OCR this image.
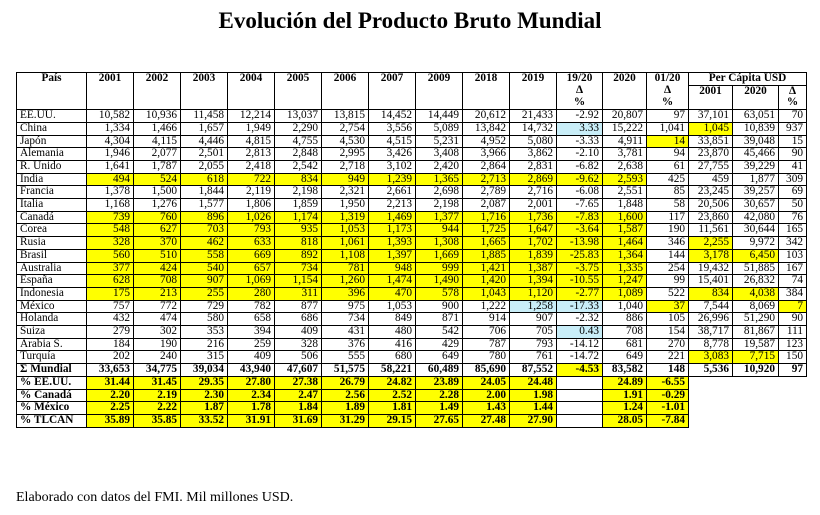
Evolución del Producto Bruto Mundial
País	2001	2002	2003	2004	2005	2006	2007	2009	2018	2019	19/20	2020	01/20	Per Cápita USD		
											Δ		Δ	2001	2020	Δ
											%		%			%
EE.UU.	10,582	10,936	11,458	12,214	13,037	13,815	14,452	14,449	20,612	21,433	-2.92	20,807	97	37,101	63,051	70
China	1,334	1,466	1,657	1,949	2,290	2,754	3,556	5,089	13,842	14,732	3.33	15,222	1,041	1,045	10,839	937
Japón	4,304	4,115	4,446	4,815	4,755	4,530	4,515	5,231	4,952	5,080	-3.33	4,911	14	33,851	39,048	15
Alemania	1,946	2,077	2,501	2,813	2,848	2,995	3,426	3,408	3,966	3,862	-2.10	3,781	94	23,870	45,466	90
R. Unido	1,641	1,787	2,055	2,418	2,542	2,718	3,102	2,420	2,864	2,831	-6.82	2,638	61	27,755	39,229	41
India	494	524	618	722	834	949	1,239	1,365	2,713	2,869	-9.62	2,593	425	459	1,877	309
Francia	1,378	1,500	1,844	2,119	2,198	2,321	2,661	2,698	2,789	2,716	-6.08	2,551	85	23,245	39,257	69
Italia	1,168	1,276	1,577	1,806	1,859	1,950	2,213	2,198	2,087	2,001	-7.65	1,848	58	20,506	30,657	50
Canadá	739	760	896	1,026	1,174	1,319	1,469	1,377	1,716	1,736	-7.83	1,600	117	23,860	42,080	76
Corea	548	627	703	793	935	1,053	1,173	944	1,725	1,647	-3.64	1,587	190	11,561	30,644	165
Rusia	328	370	462	633	818	1,061	1,393	1,308	1,665	1,702	-13.98	1,464	346	2,255	9,972	342
Brasil	560	510	558	669	892	1,108	1,397	1,669	1,885	1,839	-25.83	1,364	144	3,178	6,450	103
Australia	377	424	540	657	734	781	948	999	1,421	1,387	-3.75	1,335	254	19,432	51,885	167
España	628	708	907	1,069	1,154	1,260	1,474	1,490	1,420	1,394	-10.55	1,247	99	15,401	26,832	74
Indonesia	175	213	255	280	311	396	470	578	1,043	1,120	-2.77	1,089	522	834	4,038	384
México	757	772	729	782	877	975	1,053	900	1,222	1,258	-17.33	1,040	37	7,544	8,069	7
Holanda	432	474	580	658	686	734	849	871	914	907	-2.32	886	105	26,996	51,290	90
Suiza	279	302	353	394	409	431	480	542	706	705	0.43	708	154	38,717	81,867	111
Arabia S.	184	190	216	259	328	376	416	429	787	793	-14.12	681	270	8,778	19,587	123
Turquía	202	240	315	409	506	555	680	649	780	761	-14.72	649	221	3,083	7,715	150
Σ Mundial	33,653	34,775	39,034	43,940	47,607	51,575	58,221	60,489	85,690	87,552	-4.53	83,582	148	5,536	10,920	97
% EE.UU.	31.44	31.45	29.35	27.80	27.38	26.79	24.82	23.89	24.05	24.48		24.89	-6.55			
% Canadá	2.20	2.19	2.30	2.34	2.47	2.56	2.52	2.28	2.00	1.98		1.91	-0.29			
% México	2.25	2.22	1.87	1.78	1.84	1.89	1.81	1.49	1.43	1.44		1.24	-1.01			
% TLCAN	35.89	35.85	33.52	31.91	31.69	31.29	29.15	27.65	27.48	27.90		28.05	-7.84			
Elaborado con datos del FMI. Mil millones USD.
